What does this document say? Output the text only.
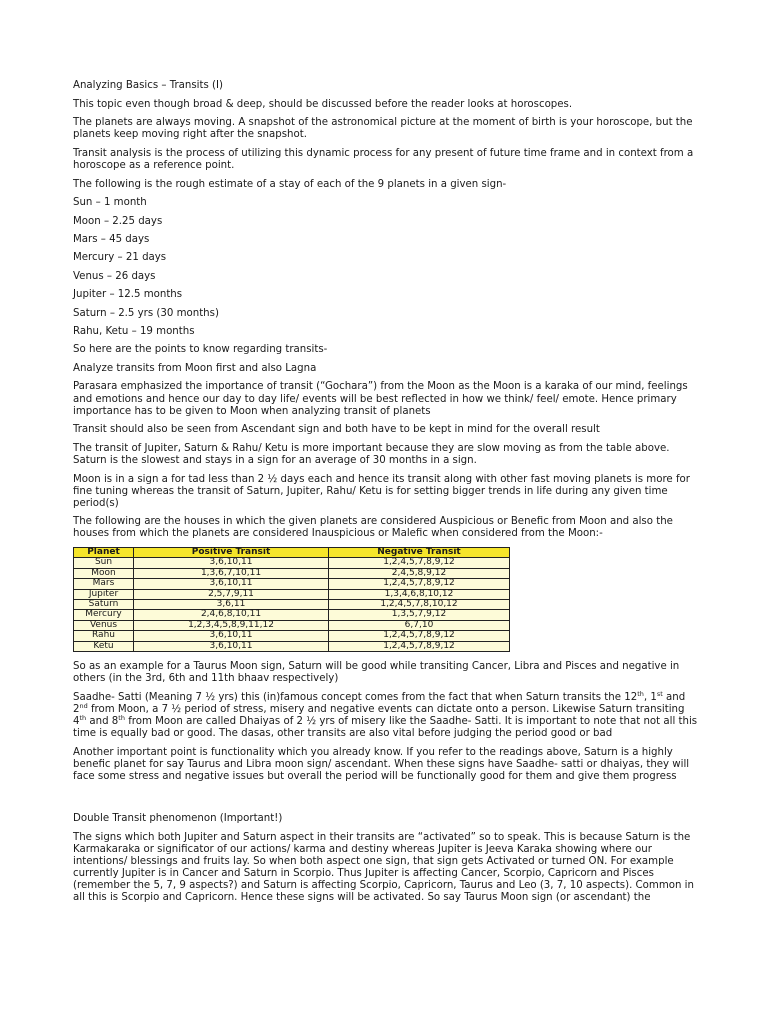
Analyzing Basics – Transits (I)

This topic even though broad & deep, should be discussed before the reader looks at horoscopes.

The planets are always moving. A snapshot of the astronomical picture at the moment of birth is your horoscope, but the planets keep moving right after the snapshot.

Transit analysis is the process of utilizing this dynamic process for any present of future time frame and in context from a horoscope as a reference point.

The following is the rough estimate of a stay of each of the 9 planets in a given sign-

Sun – 1 month

Moon – 2.25 days

Mars – 45 days

Mercury – 21 days

Venus – 26 days

Jupiter – 12.5 months

Saturn – 2.5 yrs (30 months)

Rahu, Ketu – 19 months

So here are the points to know regarding transits-

Analyze transits from Moon first and also Lagna

Parasara emphasized the importance of transit (“Gochara”) from the Moon as the Moon is a karaka of our mind, feelings and emotions and hence our day to day life/ events will be best reflected in how we think/ feel/ emote. Hence primary importance has to be given to Moon when analyzing transit of planets

Transit should also be seen from Ascendant sign and both have to be kept in mind for the overall result

The transit of Jupiter, Saturn & Rahu/ Ketu is more important because they are slow moving as from the table above. Saturn is the slowest and stays in a sign for an average of 30 months in a sign.

Moon is in a sign a for tad less than 2 ½ days each and hence its transit along with other fast moving planets is more for fine tuning whereas the transit of Saturn, Jupiter, Rahu/ Ketu is for setting bigger trends in life during any given time period(s)

The following are the houses in which the given planets are considered Auspicious or Benefic from Moon and also the houses from which the planets are considered Inauspicious or Malefic when considered from the Moon:-

Planet	Positive Transit	Negative Transit
Sun	3,6,10,11	1,2,4,5,7,8,9,12
Moon	1,3,6,7,10,11	2,4,5,8,9,12
Mars	3,6,10,11	1,2,4,5,7,8,9,12
Jupiter	2,5,7,9,11	1,3,4,6,8,10,12
Saturn	3,6,11	1,2,4,5,7,8,10,12
Mercury	2,4,6,8,10,11	1,3,5,7,9,12
Venus	1,2,3,4,5,8,9,11,12	6,7,10
Rahu	3,6,10,11	1,2,4,5,7,8,9,12
Ketu	3,6,10,11	1,2,4,5,7,8,9,12

So as an example for a Taurus Moon sign, Saturn will be good while transiting Cancer, Libra and Pisces and negative in others (in the 3rd, 6th and 11th bhaav respectively)

Saadhe- Satti (Meaning 7 ½ yrs) this (in)famous concept comes from the fact that when Saturn transits the 12th, 1st and 2nd from Moon, a 7 ½ period of stress, misery and negative events can dictate onto a person. Likewise Saturn transiting 4th and 8th from Moon are called Dhaiyas of 2 ½ yrs of misery like the Saadhe- Satti. It is important to note that not all this time is equally bad or good. The dasas, other transits are also vital before judging the period good or bad

Another important point is functionality which you already know. If you refer to the readings above, Saturn is a highly benefic planet for say Taurus and Libra moon sign/ ascendant. When these signs have Saadhe- satti or dhaiyas, they will face some stress and negative issues but overall the period will be functionally good for them and give them progress

Double Transit phenomenon (Important!)

The signs which both Jupiter and Saturn aspect in their transits are “activated” so to speak. This is because Saturn is the Karmakaraka or significator of our actions/ karma and destiny whereas Jupiter is Jeeva Karaka showing where our intentions/ blessings and fruits lay. So when both aspect one sign, that sign gets Activated or turned ON. For example currently Jupiter is in Cancer and Saturn in Scorpio. Thus Jupiter is affecting Cancer, Scorpio, Capricorn and Pisces (remember the 5, 7, 9 aspects?) and Saturn is affecting Scorpio, Capricorn, Taurus and Leo (3, 7, 10 aspects). Common in all this is Scorpio and Capricorn. Hence these signs will be activated. So say Taurus Moon sign (or ascendant) the
